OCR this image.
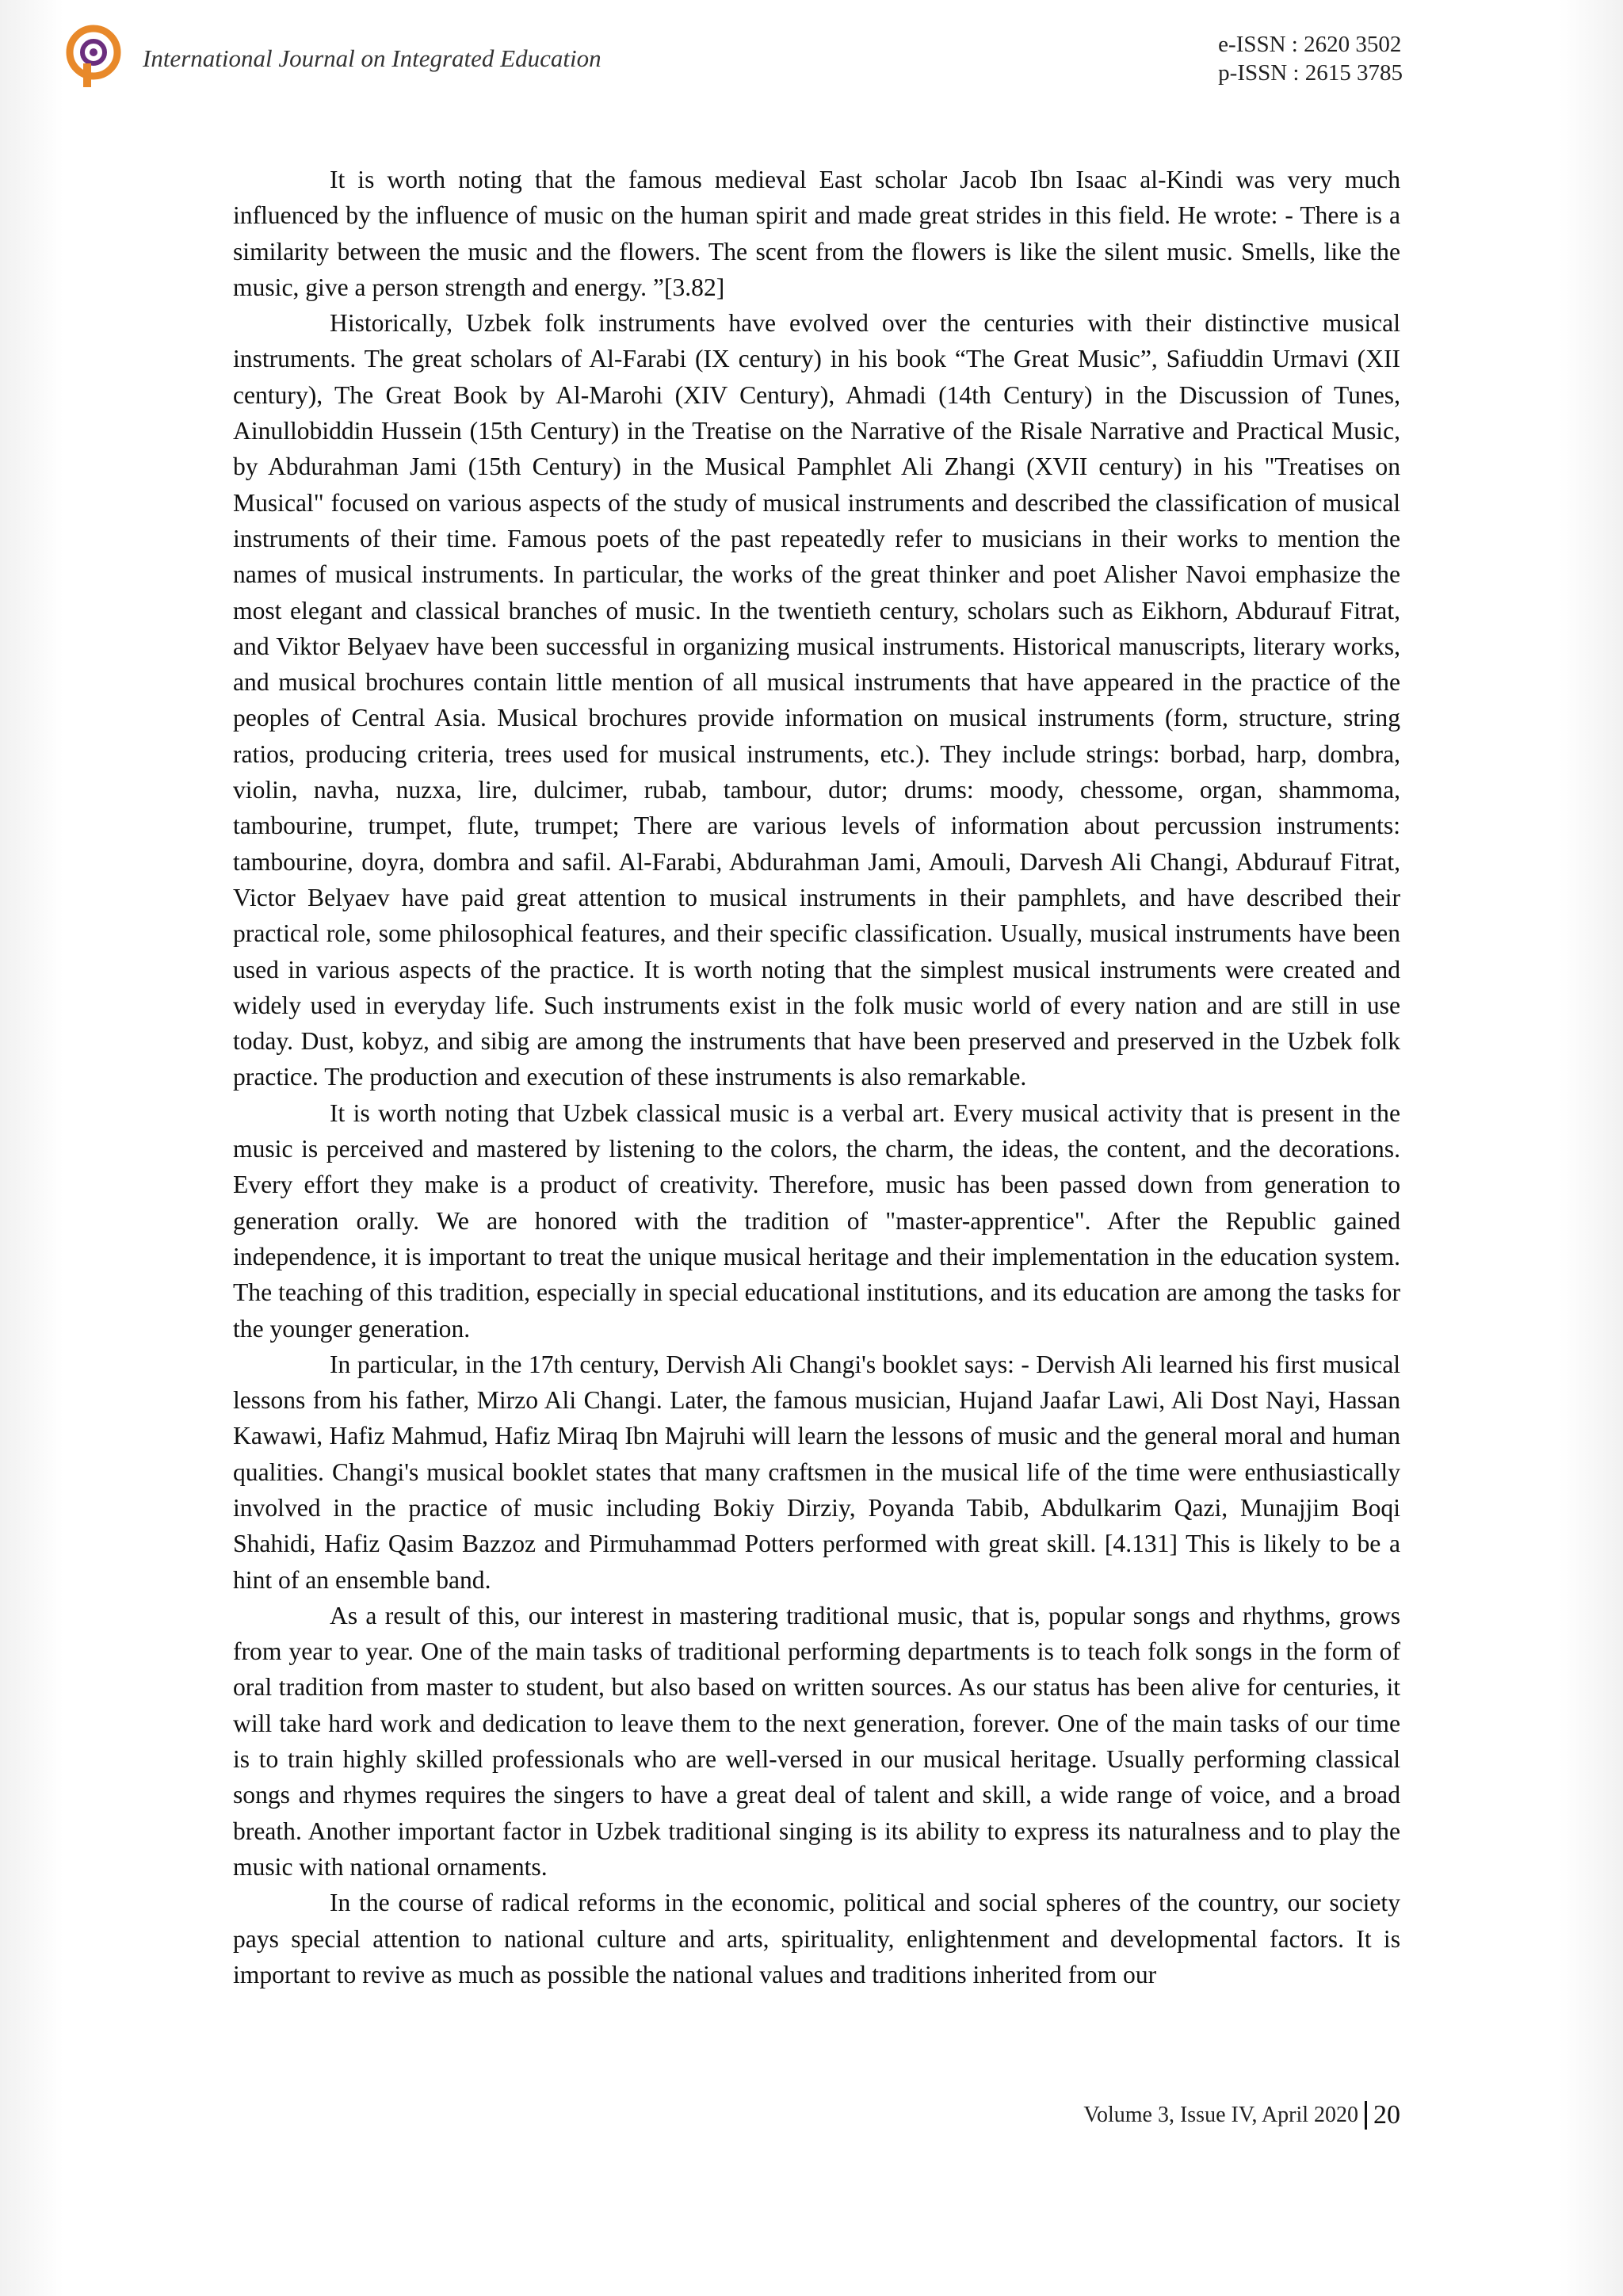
International Journal on Integrated Education	e-ISSN : 2620 3502
p-ISSN : 2615 3785

It is worth noting that the famous medieval East scholar Jacob Ibn Isaac al-Kindi was very much influenced by the influence of music on the human spirit and made great strides in this field. He wrote: - There is a similarity between the music and the flowers. The scent from the flowers is like the silent music. Smells, like the music, give a person strength and energy. ”[3.82]

Historically, Uzbek folk instruments have evolved over the centuries with their distinctive musical instruments. The great scholars of Al-Farabi (IX century) in his book “The Great Music”, Safiuddin Urmavi (XII century), The Great Book by Al-Marohi (XIV Century), Ahmadi (14th Century) in the Discussion of Tunes, Ainullobiddin Hussein (15th Century) in the Treatise on the Narrative of the Risale Narrative and Practical Music, by Abdurahman Jami (15th Century) in the Musical Pamphlet Ali Zhangi (XVII century) in his "Treatises on Musical" focused on various aspects of the study of musical instruments and described the classification of musical instruments of their time. Famous poets of the past repeatedly refer to musicians in their works to mention the names of musical instruments. In particular, the works of the great thinker and poet Alisher Navoi emphasize the most elegant and classical branches of music. In the twentieth century, scholars such as Eikhorn, Abdurauf Fitrat, and Viktor Belyaev have been successful in organizing musical instruments. Historical manuscripts, literary works, and musical brochures contain little mention of all musical instruments that have appeared in the practice of the peoples of Central Asia. Musical brochures provide information on musical instruments (form, structure, string ratios, producing criteria, trees used for musical instruments, etc.). They include strings: borbad, harp, dombra, violin, navha, nuzxa, lire, dulcimer, rubab, tambour, dutor; drums: moody, chessome, organ, shammoma, tambourine, trumpet, flute, trumpet; There are various levels of information about percussion instruments: tambourine, doyra, dombra and safil. Al-Farabi, Abdurahman Jami, Amouli, Darvesh Ali Changi, Abdurauf Fitrat, Victor Belyaev have paid great attention to musical instruments in their pamphlets, and have described their practical role, some philosophical features, and their specific classification. Usually, musical instruments have been used in various aspects of the practice. It is worth noting that the simplest musical instruments were created and widely used in everyday life. Such instruments exist in the folk music world of every nation and are still in use today. Dust, kobyz, and sibig are among the instruments that have been preserved and preserved in the Uzbek folk practice. The production and execution of these instruments is also remarkable.

It is worth noting that Uzbek classical music is a verbal art. Every musical activity that is present in the music is perceived and mastered by listening to the colors, the charm, the ideas, the content, and the decorations. Every effort they make is a product of creativity. Therefore, music has been passed down from generation to generation orally. We are honored with the tradition of "master-apprentice". After the Republic gained independence, it is important to treat the unique musical heritage and their implementation in the education system. The teaching of this tradition, especially in special educational institutions, and its education are among the tasks for the younger generation.

In particular, in the 17th century, Dervish Ali Changi's booklet says: - Dervish Ali learned his first musical lessons from his father, Mirzo Ali Changi. Later, the famous musician, Hujand Jaafar Lawi, Ali Dost Nayi, Hassan Kawawi, Hafiz Mahmud, Hafiz Miraq Ibn Majruhi will learn the lessons of music and the general moral and human qualities. Changi's musical booklet states that many craftsmen in the musical life of the time were enthusiastically involved in the practice of music including Bokiy Dirziy, Poyanda Tabib, Abdulkarim Qazi, Munajjim Boqi Shahidi, Hafiz Qasim Bazzoz and Pirmuhammad Potters performed with great skill. [4.131] This is likely to be a hint of an ensemble band.

As a result of this, our interest in mastering traditional music, that is, popular songs and rhythms, grows from year to year. One of the main tasks of traditional performing departments is to teach folk songs in the form of oral tradition from master to student, but also based on written sources. As our status has been alive for centuries, it will take hard work and dedication to leave them to the next generation, forever. One of the main tasks of our time is to train highly skilled professionals who are well-versed in our musical heritage. Usually performing classical songs and rhymes requires the singers to have a great deal of talent and skill, a wide range of voice, and a broad breath. Another important factor in Uzbek traditional singing is its ability to express its naturalness and to play the music with national ornaments.

In the course of radical reforms in the economic, political and social spheres of the country, our society pays special attention to national culture and arts, spirituality, enlightenment and developmental factors. It is important to revive as much as possible the national values and traditions inherited from our

Volume 3, Issue IV, April 2020 20
